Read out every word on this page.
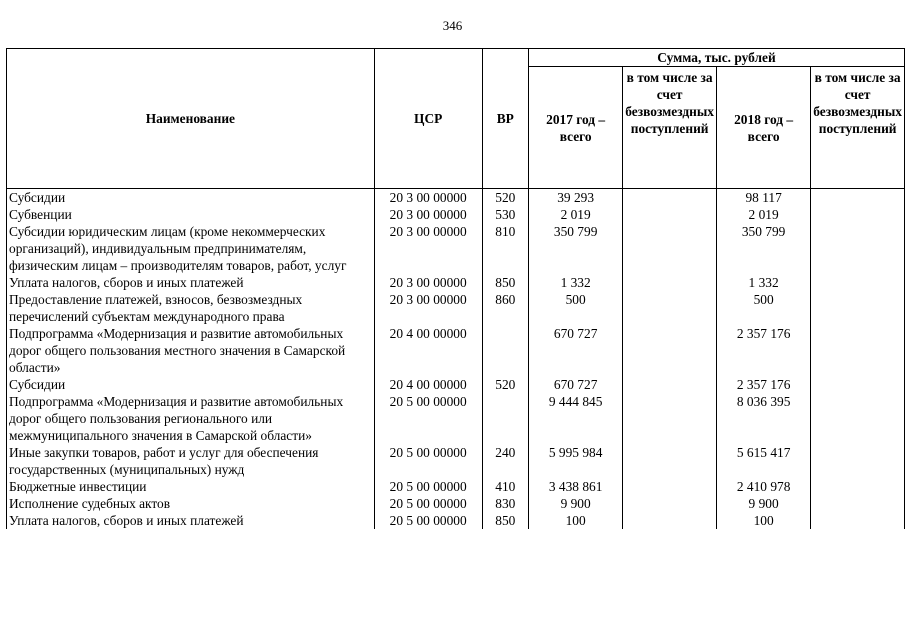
346
Наименование	ЦСР	ВР	Сумма, тыс. рублей			
			2017 год – всего	в том числе за счет безвозмездных поступлений	2018 год – всего	в том числе за счет безвозмездных поступлений
Субсидии	20 3 00 00000	520	39 293		98 117	
Субвенции	20 3 00 00000	530	2 019		2 019	
Субсидии юридическим лицам (кроме некоммерческих организаций), индивидуальным предпринимателям, физическим лицам – производителям товаров, работ, услуг	20 3 00 00000	810	350 799		350 799	
Уплата налогов, сборов и иных платежей	20 3 00 00000	850	1 332		1 332	
Предоставление платежей, взносов, безвозмездных перечислений субъектам международного права	20 3 00 00000	860	500		500	
Подпрограмма «Модернизация и развитие автомобильных дорог общего пользования местного значения в Самарской области»	20 4 00 00000		670 727		2 357 176	
Субсидии	20 4 00 00000	520	670 727		2 357 176	
Подпрограмма «Модернизация и развитие автомобильных дорог общего пользования регионального или межмуниципального значения в Самарской области»	20 5 00 00000		9 444 845		8 036 395	
Иные закупки товаров, работ и услуг для обеспечения государственных (муниципальных) нужд	20 5 00 00000	240	5 995 984		5 615 417	
Бюджетные инвестиции	20 5 00 00000	410	3 438 861		2 410 978	
Исполнение судебных актов	20 5 00 00000	830	9 900		9 900	
Уплата налогов, сборов и иных платежей	20 5 00 00000	850	100		100	
